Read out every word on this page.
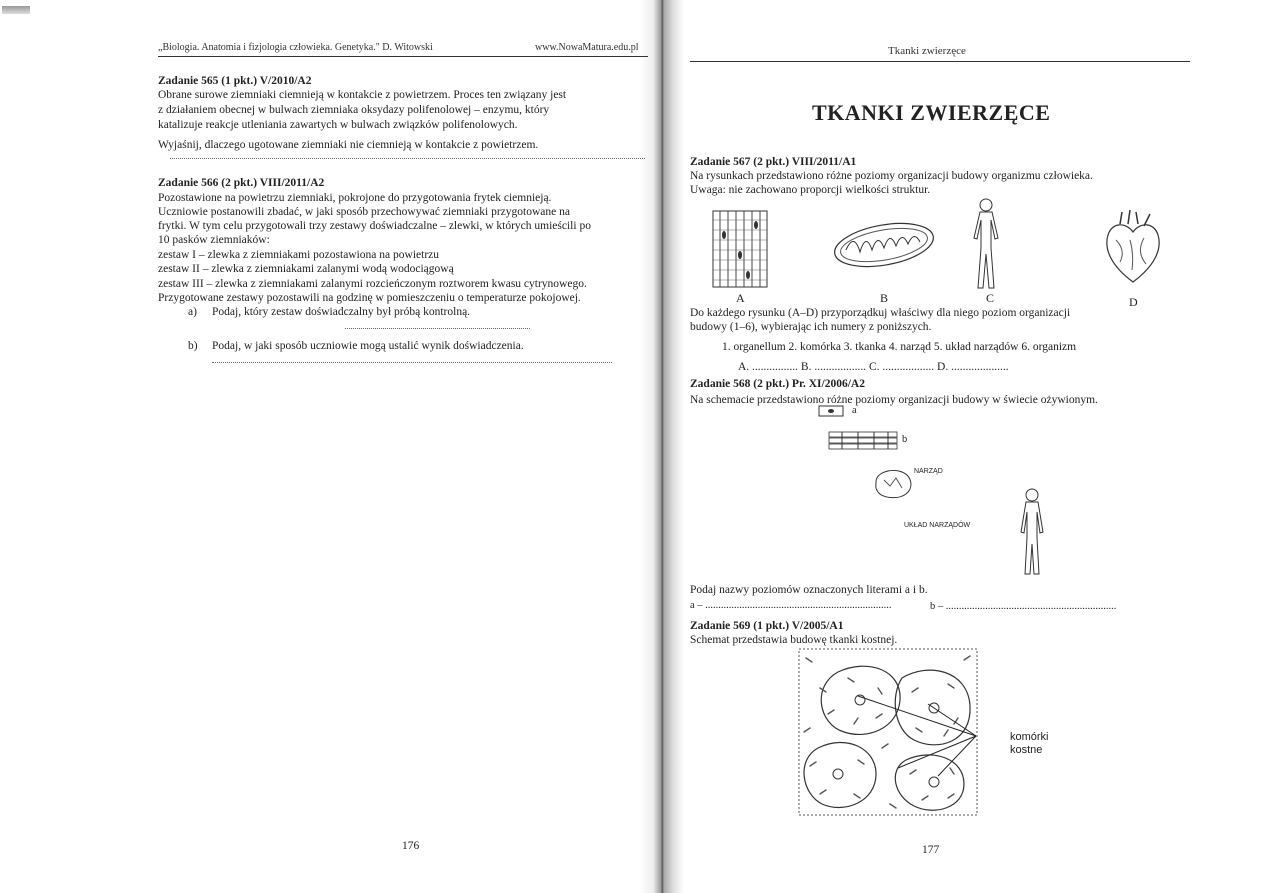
„Biologia. Anatomia i fizjologia człowieka. Genetyka." D. Witowski	www.NowaMatura.edu.pl
Zadanie 565 (1 pkt.) V/2010/A2
Obrane surowe ziemniaki ciemnieją w kontakcie z powietrzem. Proces ten związany jest
z działaniem obecnej w bulwach ziemniaka oksydazy polifenolowej – enzymu, który
katalizuje reakcje utleniania zawartych w bulwach związków polifenolowych.
Wyjaśnij, dlaczego ugotowane ziemniaki nie ciemnieją w kontakcie z powietrzem.
Zadanie 566 (2 pkt.) VIII/2011/A2
Pozostawione na powietrzu ziemniaki, pokrojone do przygotowania frytek ciemnieją.
Uczniowie postanowili zbadać, w jaki sposób przechowywać ziemniaki przygotowane na
frytki. W tym celu przygotowali trzy zestawy doświadczalne – zlewki, w których umieścili po
10 pasków ziemniaków:
zestaw I – zlewka z ziemniakami pozostawiona na powietrzu
zestaw II – zlewka z ziemniakami zalanymi wodą wodociągową
zestaw III – zlewka z ziemniakami zalanymi rozcieńczonym roztworem kwasu cytrynowego.
Przygotowane zestawy pozostawili na godzinę w pomieszczeniu o temperaturze pokojowej.
a) Podaj, który zestaw doświadczalny był próbą kontrolną.
b) Podaj, w jaki sposób uczniowie mogą ustalić wynik doświadczenia.
176
Tkanki zwierzęce
TKANKI ZWIERZĘCE
Zadanie 567 (2 pkt.) VIII/2011/A1
Na rysunkach przedstawiono różne poziomy organizacji budowy organizmu człowieka.
Uwaga: nie zachowano proporcji wielkości struktur.
A	B	C	D
Do każdego rysunku (A–D) przyporządkuj właściwy dla niego poziom organizacji
budowy (1–6), wybierając ich numery z poniższych.
1. organellum 2. komórka 3. tkanka 4. narząd 5. układ narządów 6. organizm
A. ................ B. .................. C. .................. D. ....................
Zadanie 568 (2 pkt.) Pr. XI/2006/A2
Na schemacie przedstawiono różne poziomy organizacji budowy w świecie ożywionym.
a
b
NARZĄD
UKŁAD NARZĄDÓW
Podaj nazwy poziomów oznaczonych literami a i b.
a – .......................................................................	b – .................................................................
Zadanie 569 (1 pkt.) V/2005/A1
Schemat przedstawia budowę tkanki kostnej.
komórki
kostne
177
